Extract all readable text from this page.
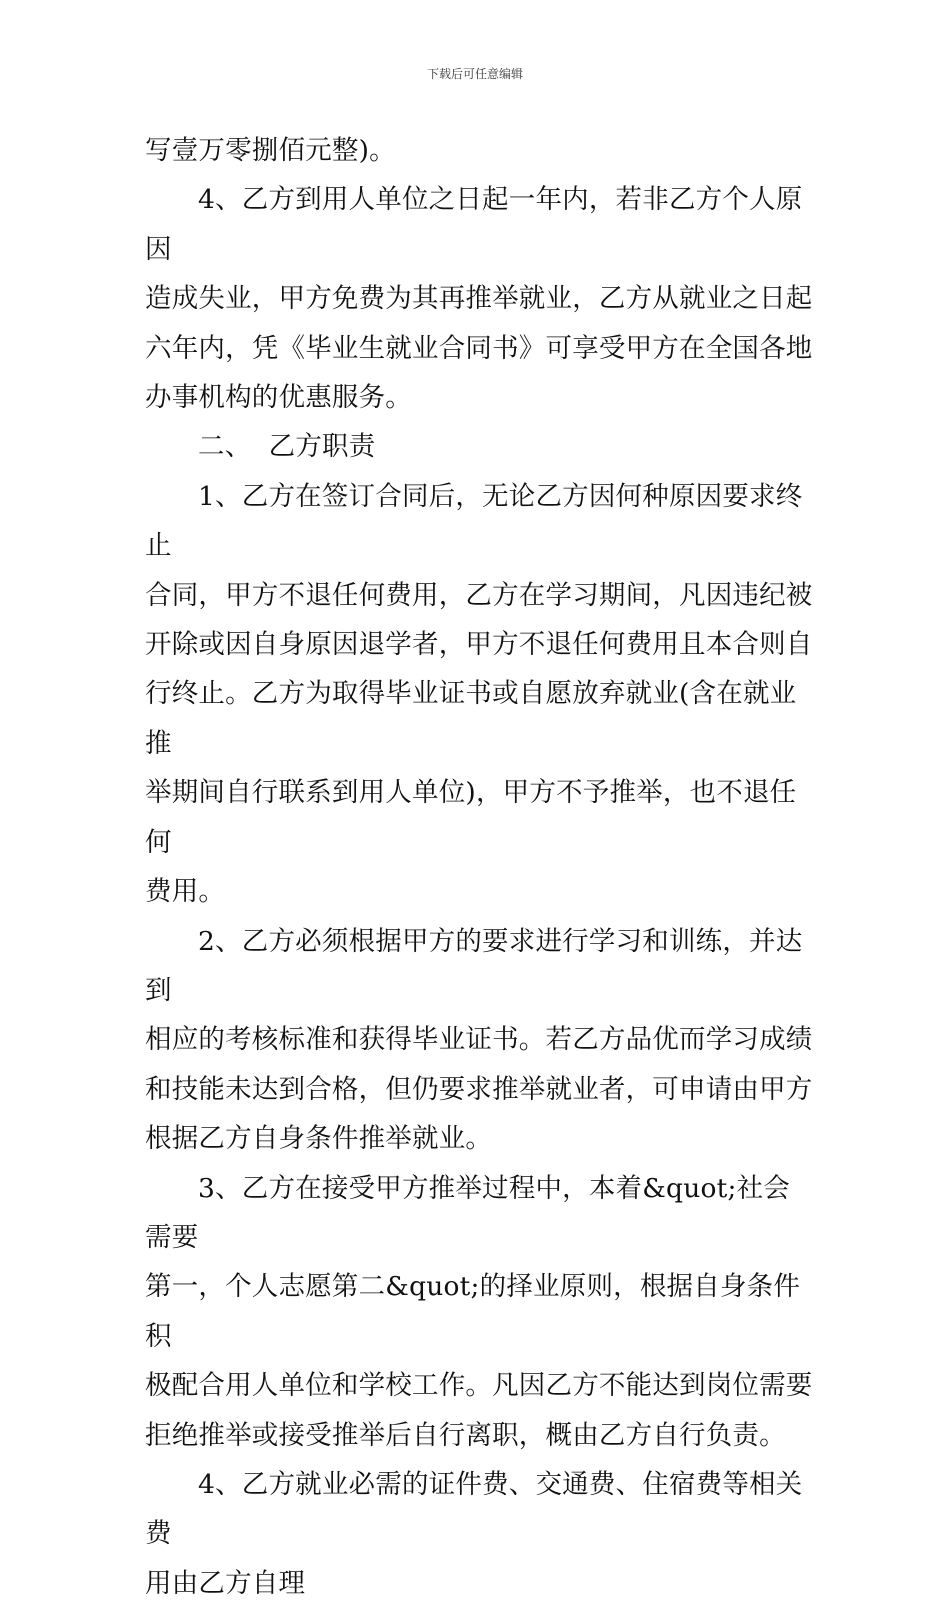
下载后可任意编辑

写壹万零捌佰元整)。

4、乙方到用人单位之日起一年内，若非乙方个人原因
造成失业，甲方免费为其再推举就业，乙方从就业之日起
六年内，凭《毕业生就业合同书》可享受甲方在全国各地
办事机构的优惠服务。

二、  乙方职责

1、乙方在签订合同后，无论乙方因何种原因要求终止
合同，甲方不退任何费用，乙方在学习期间，凡因违纪被
开除或因自身原因退学者，甲方不退任何费用且本合则自
行终止。乙方为取得毕业证书或自愿放弃就业(含在就业推
举期间自行联系到用人单位)，甲方不予推举，也不退任何
费用。

2、乙方必须根据甲方的要求进行学习和训练，并达到
相应的考核标准和获得毕业证书。若乙方品优而学习成绩
和技能未达到合格，但仍要求推举就业者，可申请由甲方
根据乙方自身条件推举就业。

3、乙方在接受甲方推举过程中，本着&quot;社会需要
第一，个人志愿第二&quot;的择业原则，根据自身条件积
极配合用人单位和学校工作。凡因乙方不能达到岗位需要
拒绝推举或接受推举后自行离职，概由乙方自行负责。

4、乙方就业必需的证件费、交通费、住宿费等相关费
用由乙方自理
